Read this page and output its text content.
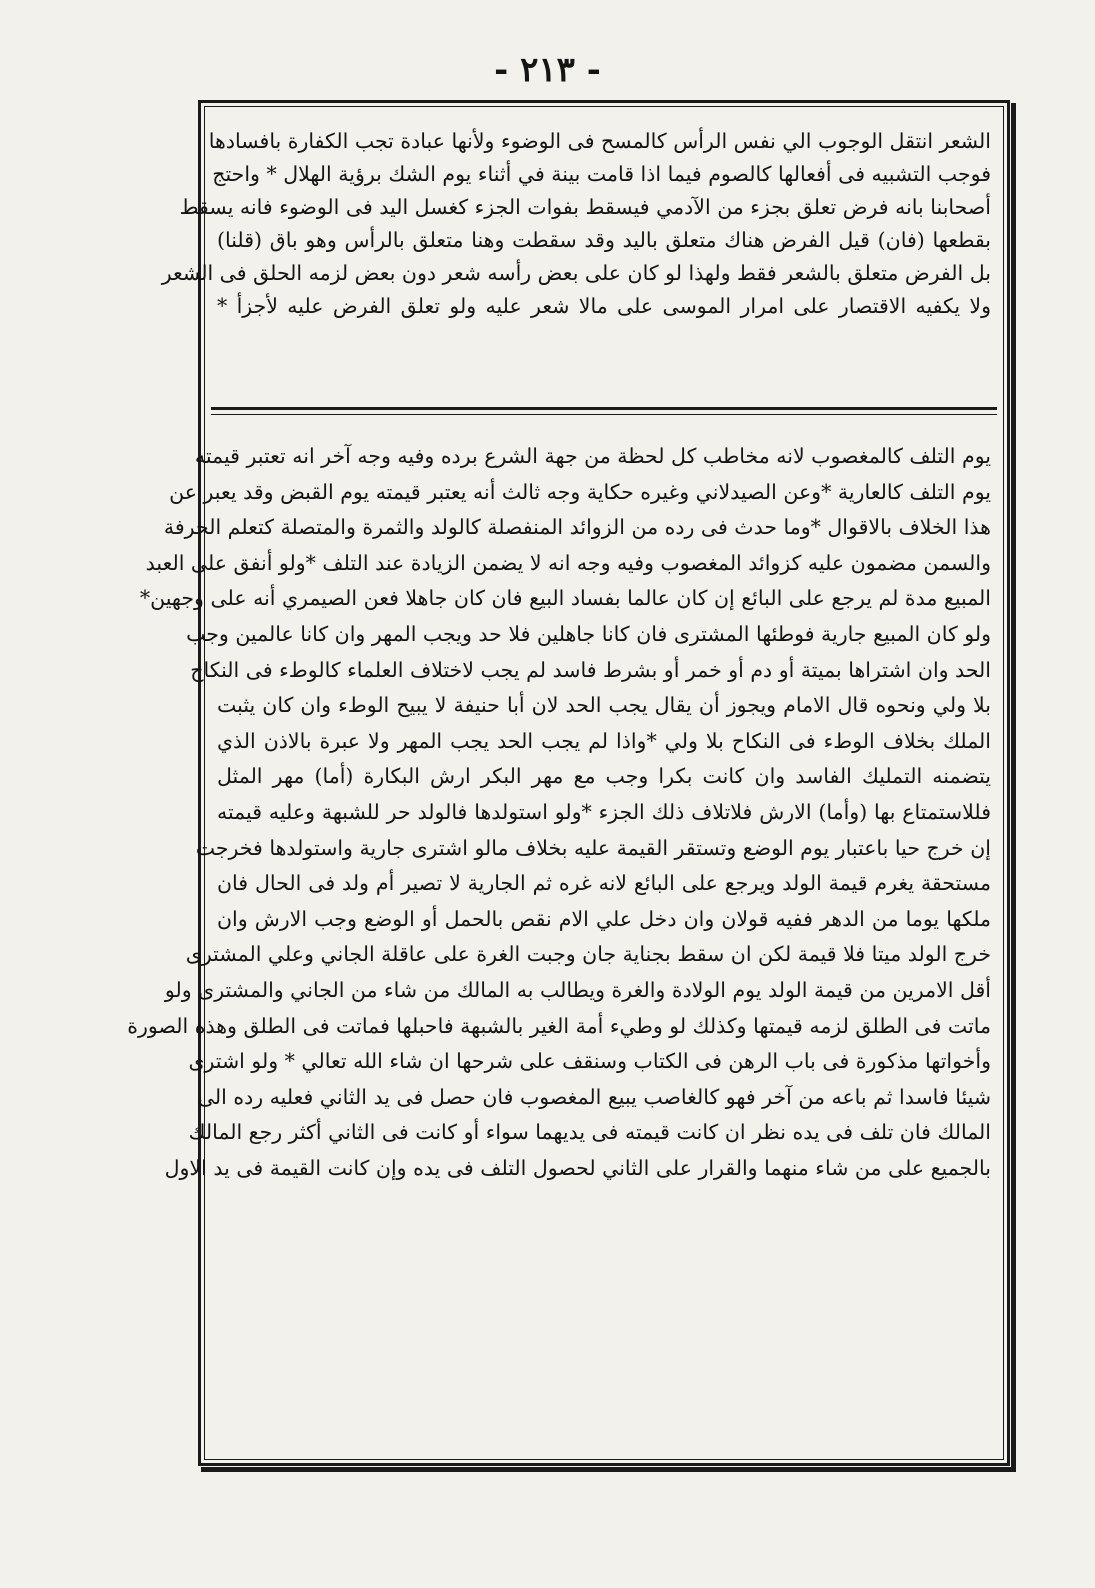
- ٢١٣ -
الشعر انتقل الوجوب الي نفس الرأس كالمسح فى الوضوء ولأنها عبادة تجب الكفارة بافسادها
فوجب التشبيه فى أفعالها كالصوم فيما اذا قامت بينة في أثناء يوم الشك برؤية الهلال * واحتج
أصحابنا بانه فرض تعلق بجزء من الآدمي فيسقط بفوات الجزء كغسل اليد فى الوضوء فانه يسقط
بقطعها (فان) قيل الفرض هناك متعلق باليد وقد سقطت وهنا متعلق بالرأس وهو باق (قلنا)
بل الفرض متعلق بالشعر فقط ولهذا لو كان على بعض رأسه شعر دون بعض لزمه الحلق فى الشعر
ولا يكفيه الاقتصار على امرار الموسى على مالا شعر عليه ولو تعلق الفرض عليه لأجزأ *
يوم التلف كالمغصوب لانه مخاطب كل لحظة من جهة الشرع برده وفيه وجه آخر انه تعتبر قيمته
يوم التلف كالعارية *وعن الصيدلاني وغيره حكاية وجه ثالث أنه يعتبر قيمته يوم القبض وقد يعبر عن
هذا الخلاف بالاقوال *وما حدث فى رده من الزوائد المنفصلة كالولد والثمرة والمتصلة كتعلم الحرفة
والسمن مضمون عليه كزوائد المغصوب وفيه وجه انه لا يضمن الزيادة عند التلف *ولو أنفق على العبد
المبيع مدة لم يرجع على البائع إن كان عالما بفساد البيع فان كان جاهلا فعن الصيمري أنه على وجهين*
ولو كان المبيع جارية فوطئها المشترى فان كانا جاهلين فلا حد ويجب المهر وان كانا عالمين وجب
الحد وان اشتراها بميتة أو دم أو خمر أو بشرط فاسد لم يجب لاختلاف العلماء كالوطء فى النكاح
بلا ولي ونحوه قال الامام ويجوز أن يقال يجب الحد لان أبا حنيفة لا يبيح الوطء وان كان يثبت
الملك بخلاف الوطء فى النكاح بلا ولي *واذا لم يجب الحد يجب المهر ولا عبرة بالاذن الذي
يتضمنه التمليك الفاسد وان كانت بكرا وجب مع مهر البكر ارش البكارة (أما) مهر المثل
فللاستمتاع بها (وأما) الارش فلاتلاف ذلك الجزء *ولو استولدها فالولد حر للشبهة وعليه قيمته
إن خرج حيا باعتبار يوم الوضع وتستقر القيمة عليه بخلاف مالو اشترى جارية واستولدها فخرجت
مستحقة يغرم قيمة الولد ويرجع على البائع لانه غره ثم الجارية لا تصير أم ولد فى الحال فان
ملكها يوما من الدهر ففيه قولان وان دخل علي الام نقص بالحمل أو الوضع وجب الارش وان
خرج الولد ميتا فلا قيمة لكن ان سقط بجناية جان وجبت الغرة على عاقلة الجاني وعلي المشترى
أقل الامرين من قيمة الولد يوم الولادة والغرة ويطالب به المالك من شاء من الجاني والمشترى ولو
ماتت فى الطلق لزمه قيمتها وكذلك لو وطيء أمة الغير بالشبهة فاحبلها فماتت فى الطلق وهذه الصورة
وأخواتها مذكورة فى باب الرهن فى الكتاب وسنقف على شرحها ان شاء الله تعالي * ولو اشترى
شيئا فاسدا ثم باعه من آخر فهو كالغاصب يبيع المغصوب فان حصل فى يد الثاني فعليه رده الى
المالك فان تلف فى يده نظر ان كانت قيمته فى يديهما سواء أو كانت فى الثاني أكثر رجع المالك
بالجميع على من شاء منهما والقرار على الثاني لحصول التلف فى يده وإن كانت القيمة فى يد الاول
